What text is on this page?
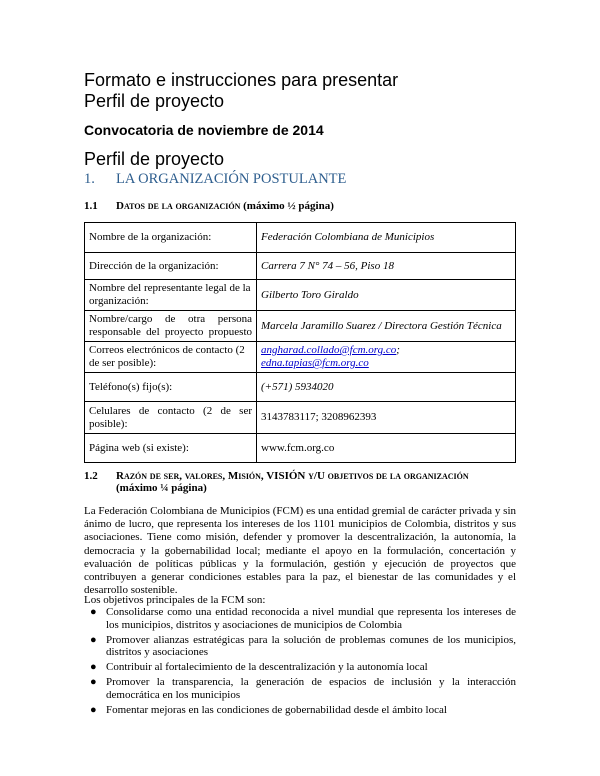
Formato e instrucciones para presentar
Perfil de proyecto
Convocatoria de noviembre de 2014
Perfil de proyecto
1. LA ORGANIZACIÓN POSTULANTE
1.1 Datos de la organización (máximo ½ página)
Nombre de la organización:	Federación Colombiana de Municipios
Dirección de la organización:	Carrera 7 N° 74 – 56, Piso 18
Nombre del representante legal de la organización:	Gilberto Toro Giraldo
Nombre/cargo de otra persona responsable del proyecto propuesto	Marcela Jaramillo Suarez / Directora Gestión Técnica
Correos electrónicos de contacto (2 de ser posible):	angharad.collado@fcm.org.co;
edna.tapias@fcm.org.co
Teléfono(s) fijo(s):	(+571) 5934020
Celulares de contacto (2 de ser posible):	3143783117; 3208962393
Página web (si existe):	www.fcm.org.co
1.2 Razón de ser, valores, Misión, VISIÓN y/U objetivos de la organización
(máximo ¼ página)
La Federación Colombiana de Municipios (FCM) es una entidad gremial de carácter privada y sin ánimo de lucro, que representa los intereses de los 1101 municipios de Colombia, distritos y sus asociaciones. Tiene como misión, defender y promover la descentralización, la autonomía, la democracia y la gobernabilidad local; mediante el apoyo en la formulación, concertación y evaluación de políticas públicas y la formulación, gestión y ejecución de proyectos que contribuyen a generar condiciones estables para la paz, el bienestar de las comunidades y el desarrollo sostenible.
Los objetivos principales de la FCM son:
● Consolidarse como una entidad reconocida a nivel mundial que representa los intereses de los municipios, distritos y asociaciones de municipios de Colombia
● Promover alianzas estratégicas para la solución de problemas comunes de los municipios, distritos y asociaciones
● Contribuir al fortalecimiento de la descentralización y la autonomía local
● Promover la transparencia, la generación de espacios de inclusión y la interacción democrática en los municipios
● Fomentar mejoras en las condiciones de gobernabilidad desde el ámbito local
